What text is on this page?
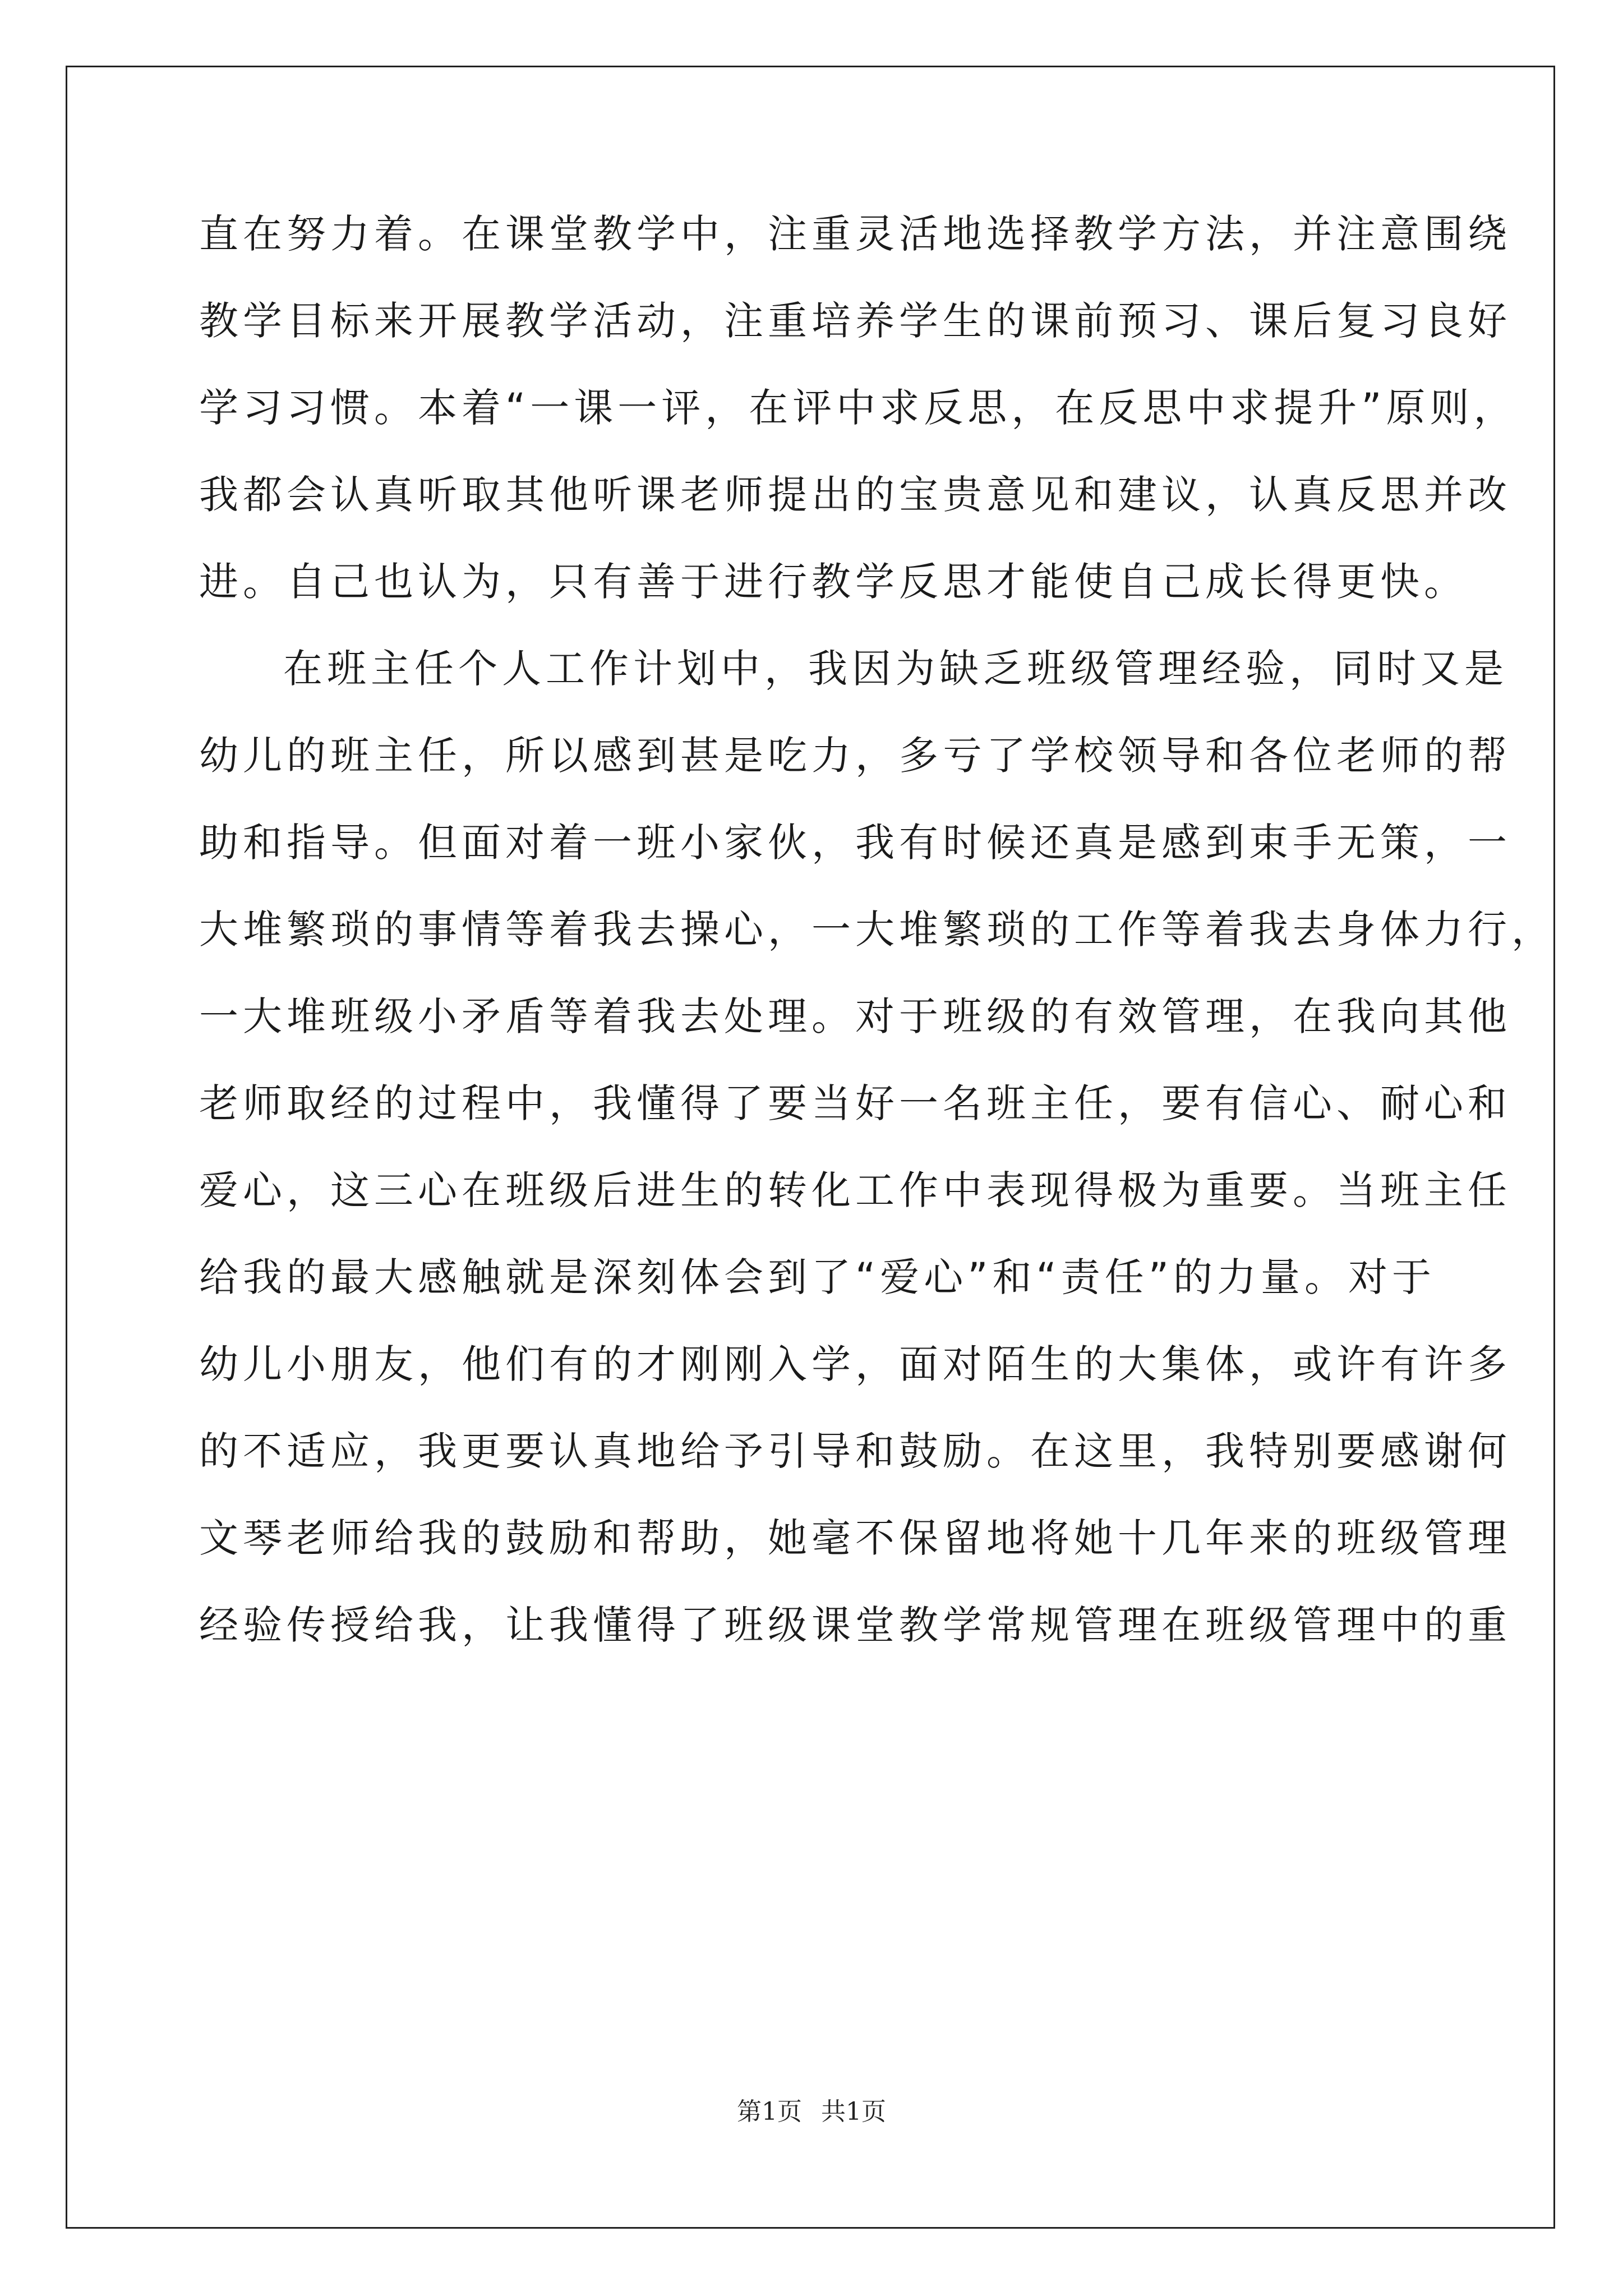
直在努力着。在课堂教学中，注重灵活地选择教学方法，并注意围绕
教学目标来开展教学活动，注重培养学生的课前预习、课后复习良好
学习习惯。本着“一课一评，在评中求反思，在反思中求提升”原则，
我都会认真听取其他听课老师提出的宝贵意见和建议，认真反思并改
进。自己也认为，只有善于进行教学反思才能使自己成长得更快。
在班主任个人工作计划中，我因为缺乏班级管理经验，同时又是
幼儿的班主任，所以感到甚是吃力，多亏了学校领导和各位老师的帮
助和指导。但面对着一班小家伙，我有时候还真是感到束手无策，一
大堆繁琐的事情等着我去操心，一大堆繁琐的工作等着我去身体力行，
一大堆班级小矛盾等着我去处理。对于班级的有效管理，在我向其他
老师取经的过程中，我懂得了要当好一名班主任，要有信心、耐心和
爱心，这三心在班级后进生的转化工作中表现得极为重要。当班主任
给我的最大感触就是深刻体会到了“爱心”和“责任”的力量。对于
幼儿小朋友，他们有的才刚刚入学，面对陌生的大集体，或许有许多
的不适应，我更要认真地给予引导和鼓励。在这里，我特别要感谢何
文琴老师给我的鼓励和帮助，她毫不保留地将她十几年来的班级管理
经验传授给我，让我懂得了班级课堂教学常规管理在班级管理中的重
第1页 共1页
